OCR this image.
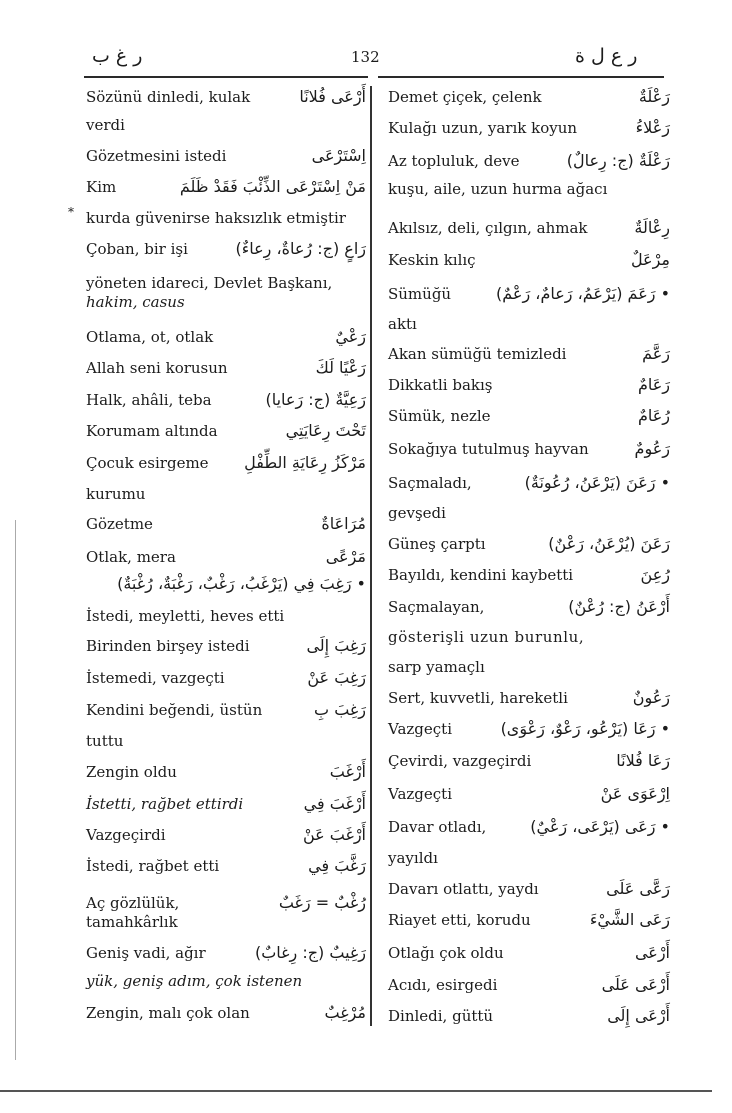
ر غ ب	132	ر ع ل ة
*
Sözünü dinledi, kulak	أَرْعَى فُلانًا
verdi
Gözetmesini istedi	اِسْتَرْعَى
Kim	مَنْ اِسْتَرْعَى الذِّئْبَ فَقَدْ ظَلَمَ
kurda güvenirse haksızlık etmiştir
Çoban, bir işi	رَاعٍ (ج: رُعاةٌ، رِعاءٌ)
yöneten idareci, Devlet Başkanı,
hakim, casus
Otlama, ot, otlak	رَعْيٌ
Allah seni korusun	رَعْيًا لَكَ
Halk, ahâli, teba	رَعِيَّةٌ (ج: رَعايا)
Korumam altında	تَحْتَ رِعَايَتِي
Çocuk esirgeme مَرْكَزُ رِعَايَةِ الطِّفْلِ
kurumu
Gözetme	مُرَاعَاةٌ
Otlak, mera	مَرْعًى
• رَغِبَ فِي (يَرْغَبُ، رَغْبٌ، رَغْبَةٌ، رُغْبَةٌ)
İstedi, meyletti, heves etti
Birinden birşey istedi	رَغِبَ إِلَى
İstemedi, vazgeçti	رَغِبَ عَنْ
Kendini beğendi, üstün	رَغِبَ بِ
tuttu
Zengin oldu	أَرْغَبَ
İstetti, rağbet ettirdi	أَرْغَبَ فِي
Vazgeçirdi	أَرْغَبَ عَنْ
İstedi, rağbet etti	رَغَّبَ فِي
Aç gözlülük,	رُغْبٌ = رَغَبٌ
tamahkârlık
Geniş vadi, ağır	رَغِيبٌ (ج: رِغابٌ)
yük, geniş adım, çok istenen
Zengin, malı çok olan	مُرْغِبٌ
Demet çiçek, çelenk	رَعْلَةٌ
Kulağı uzun, yarık koyun	رَعْلاءُ
Az topluluk, deve	رَعْلَةٌ (ج: رِعالٌ)
kuşu, aile, uzun hurma ağacı
Akılsız, deli, çılgın, ahmak	رِعْالَةٌ
Keskin kılıç	مِرْعَلٌ
Sümüğü	• رَعَمَ (يَرْعَمُ، رَعامٌ، رَعْمٌ)
aktı
Akan sümüğü temizledi	رَعَّمَ
Dikkatli bakış	رَعَامٌ
Sümük, nezle	رُعَامٌ
Sokağıya tutulmuş hayvan	رَعُومٌ
Saçmaladı,	• رَعَنَ (يَرْعَنُ، رُعُونَةٌ)
gevşedi
Güneş çarptı	رَعَنَ (يُرْعَنُ، رَعْنٌ)
Bayıldı, kendini kaybetti	رُعِنَ
Saçmalayan,	أَرْعَنُ (ج: رُعْنٌ)
gösterişli uzun burunlu,
sarp yamaçlı
Sert, kuvvetli, hareketli	رَعُونٌ
Vazgeçti	• رَعَا (يَرْعُو، رَعْوٌ، رَعْوَى)
Çevirdi, vazgeçirdi	رَعَا فُلانًا
Vazgeçti	اِرْعَوَى عَنْ
Davar otladı,	• رَعَى (يَرْعَى، رَعْيٌ)
yayıldı
Davarı otlattı, yaydı	رَعَّى عَلَى
Riayet etti, korudu	رَعَى الشَّيْءَ
Otlağı çok oldu	أَرْعَى
Acıdı, esirgedi	أَرْعَى عَلَى
Dinledi, güttü	أَرْعَى إِلَى
